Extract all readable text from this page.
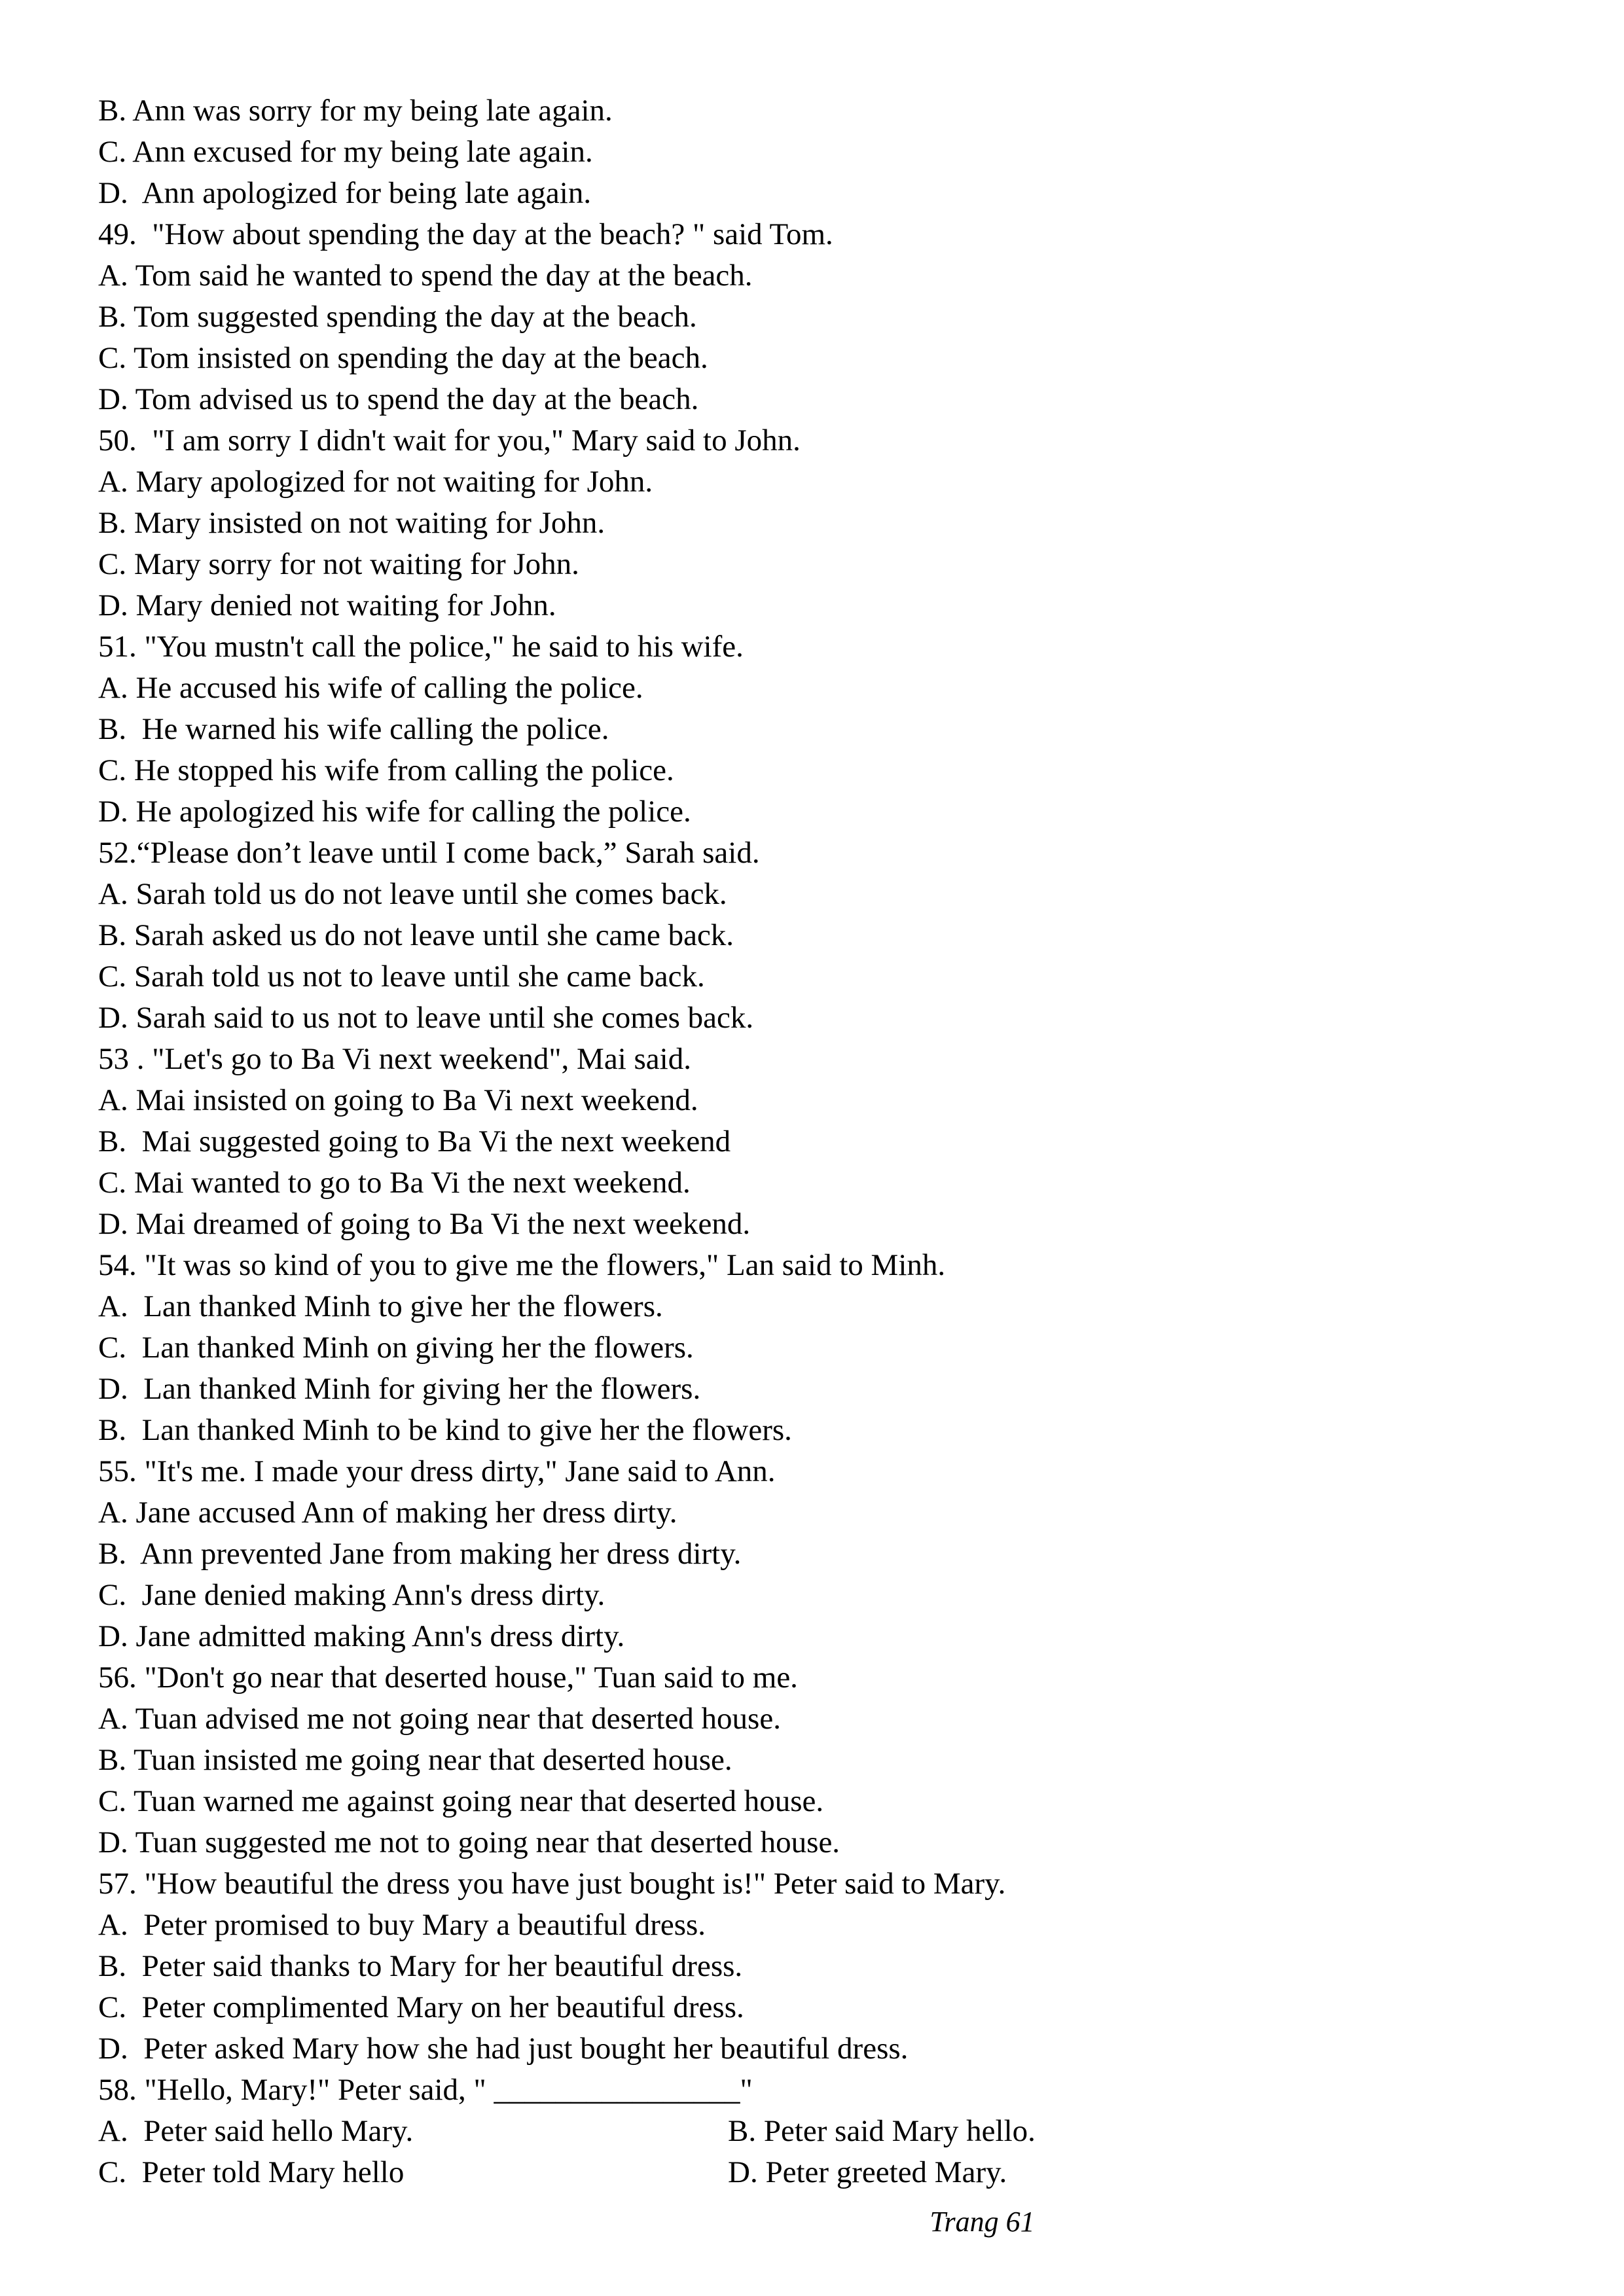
B. Ann was sorry for my being late again.
C. Ann excused for my being late again.
D.  Ann apologized for being late again.
49.  "How about spending the day at the beach? " said Tom.
A. Tom said he wanted to spend the day at the beach.
B. Tom suggested spending the day at the beach.
C. Tom insisted on spending the day at the beach.
D. Tom advised us to spend the day at the beach.
50.  "I am sorry I didn't wait for you," Mary said to John.
A. Mary apologized for not waiting for John.
B. Mary insisted on not waiting for John.
C. Mary sorry for not waiting for John.
D. Mary denied not waiting for John.
51. "You mustn't call the police," he said to his wife.
A. He accused his wife of calling the police.
B.  He warned his wife calling the police.
C. He stopped his wife from calling the police.
D. He apologized his wife for calling the police.
52.“Please don’t leave until I come back,” Sarah said.
A. Sarah told us do not leave until she comes back.
B. Sarah asked us do not leave until she came back.
C. Sarah told us not to leave until she came back.
D. Sarah said to us not to leave until she comes back.
53 . "Let's go to Ba Vi next weekend", Mai said.
A. Mai insisted on going to Ba Vi next weekend.
B.  Mai suggested going to Ba Vi the next weekend
C. Mai wanted to go to Ba Vi the next weekend.
D. Mai dreamed of going to Ba Vi the next weekend.
54. "It was so kind of you to give me the flowers," Lan said to Minh.
A.  Lan thanked Minh to give her the flowers.
C.  Lan thanked Minh on giving her the flowers.
D.  Lan thanked Minh for giving her the flowers.
B.  Lan thanked Minh to be kind to give her the flowers.
55. "It's me. I made your dress dirty," Jane said to Ann.
A. Jane accused Ann of making her dress dirty.
B.  Ann prevented Jane from making her dress dirty.
C.  Jane denied making Ann's dress dirty.
D. Jane admitted making Ann's dress dirty.
56. "Don't go near that deserted house," Tuan said to me.
A. Tuan advised me not going near that deserted house.
B. Tuan insisted me going near that deserted house.
C. Tuan warned me against going near that deserted house.
D. Tuan suggested me not to going near that deserted house.
57. "How beautiful the dress you have just bought is!" Peter said to Mary.
A.  Peter promised to buy Mary a beautiful dress.
B.  Peter said thanks to Mary for her beautiful dress.
C.  Peter complimented Mary on her beautiful dress.
D.  Peter asked Mary how she had just bought her beautiful dress.
58. "Hello, Mary!" Peter said, " ________________"
A.  Peter said hello Mary.	B. Peter said Mary hello.
C.  Peter told Mary hello	D. Peter greeted Mary.
Trang 61
